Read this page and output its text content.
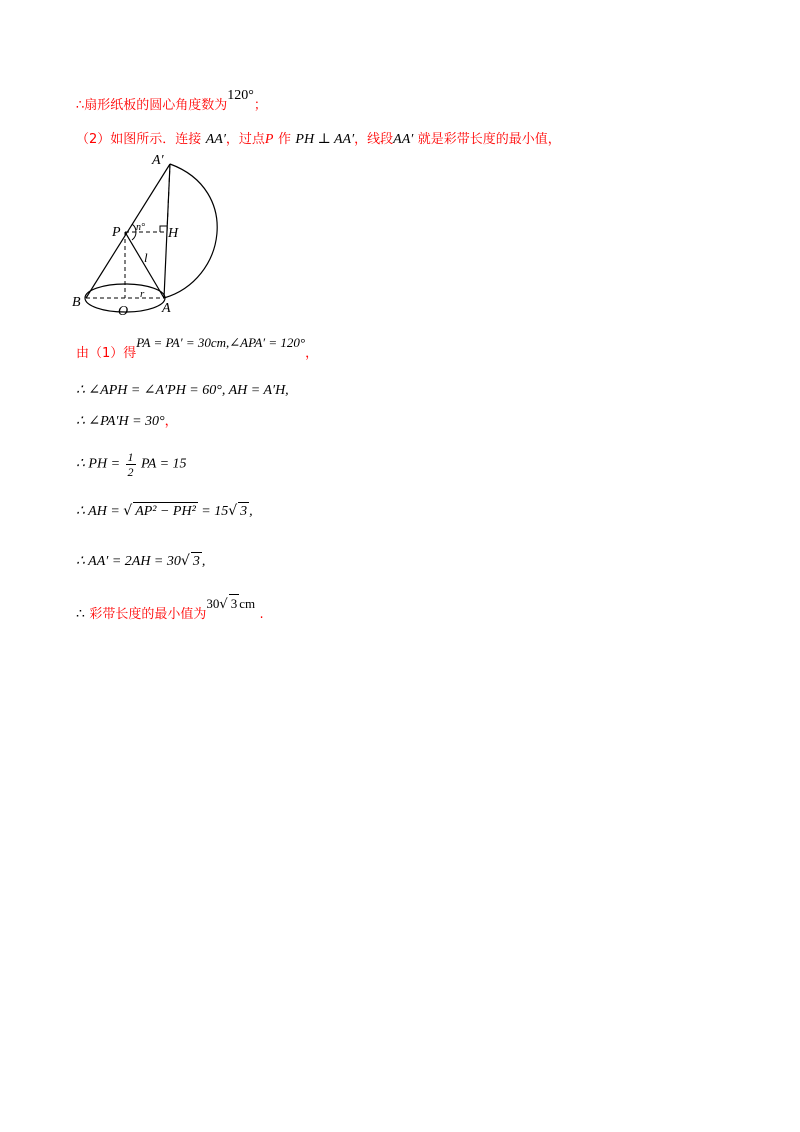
∴扇形纸板的圆心角度数为120°；
（2）如图所示．连接 AA′，过点P 作 PH ⊥ AA′，线段AA′ 就是彩带长度的最小值，
A′
P	H
n°
l
B
O
r
A
由（1）得PA = PA′ = 30cm,∠APA′ = 120°，
∴ ∠APH = ∠A′PH = 60°, AH = A′H,
∴ ∠PA′H = 30°，
∴ PH = $\frac{1}{2}$ PA = 15
∴ AH = √ AP² − PH² = 15√ 3 ,
∴ AA′ = 2AH = 30√ 3 ,
∴ 彩带长度的最小值为30√ 3 cm .
